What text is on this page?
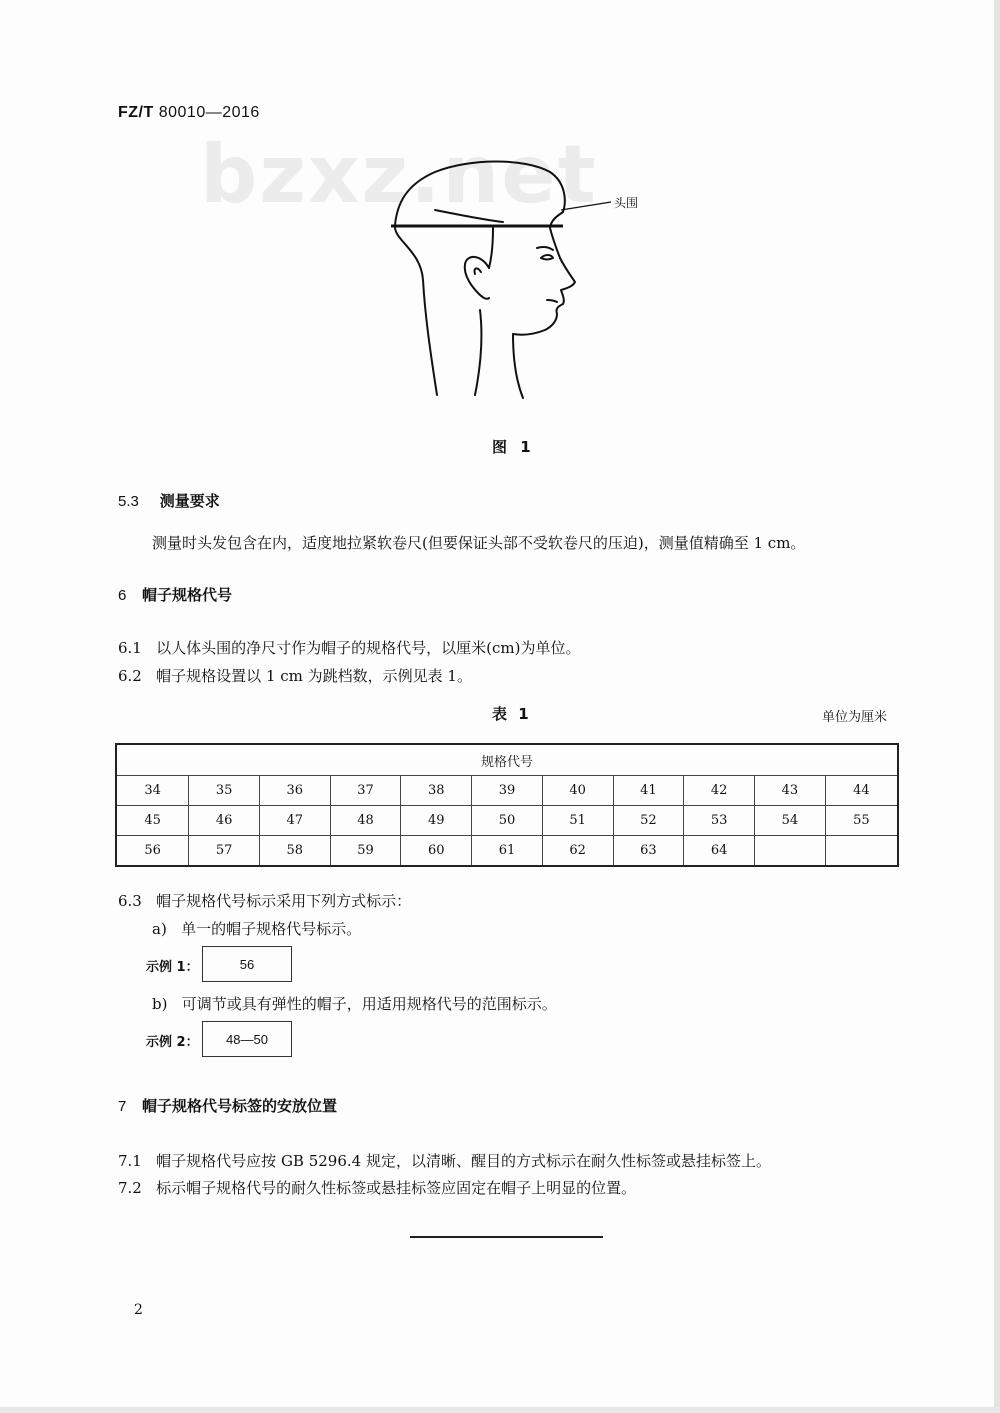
FZ/T 80010—2016
bzxz.net 头围
图 1
5.3 测量要求
测量时头发包含在内，适度地拉紧软卷尺(但要保证头部不受软卷尺的压迫)，测量值精确至 1 cm。
6 帽子规格代号
6.1 以人体头围的净尺寸作为帽子的规格代号，以厘米(cm)为单位。
6.2 帽子规格设置以 1 cm 为跳档数，示例见表 1。
表 1	单位为厘米
规格代号										
34	35	36	37	38	39	40	41	42	43	44
45	46	47	48	49	50	51	52	53	54	55
56	57	58	59	60	61	62	63	64		
6.3 帽子规格代号标示采用下列方式标示：
a) 单一的帽子规格代号标示。
示例 1：	56
b) 可调节或具有弹性的帽子，用适用规格代号的范围标示。
示例 2：	48—50
7 帽子规格代号标签的安放位置
7.1 帽子规格代号应按 GB 5296.4 规定，以清晰、醒目的方式标示在耐久性标签或悬挂标签上。
7.2 标示帽子规格代号的耐久性标签或悬挂标签应固定在帽子上明显的位置。
2
